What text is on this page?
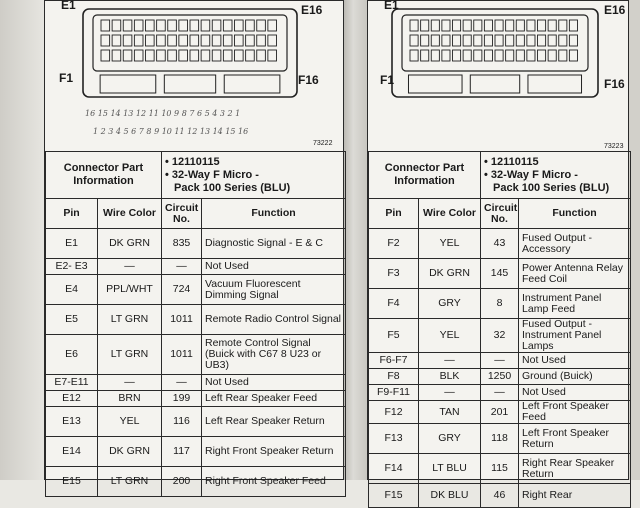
E1	E16
F1	F16
16 15 14 13 12 11 10 9 8 7 6 5 4 3 2 1
1 2 3 4 5 6 7 8 9 10 11 12 13 14 15 16
73222
Connector Part Information		• 12110115
• 32-Way F Micro -
Pack 100 Series (BLU)	

Pin	Wire Color	Circuit No.	Function
E1	DK GRN	835	Diagnostic Signal - E & C
E2- E3	—	—	Not Used
E4	PPL/WHT	724	Vacuum Fluorescent Dimming Signal
E5	LT GRN	1011	Remote Radio Control Signal
E6	LT GRN	1011	Remote Control Signal (Buick with C67 8 U23 or UB3)
E7-E11	—	—	Not Used
E12	BRN	199	Left Rear Speaker Feed
E13	YEL	116	Left Rear Speaker Return
E14	DK GRN	117	Right Front Speaker Return
E15	LT GRN	200	Right Front Speaker Feed
E1	E16
F1	F16
73223
Connector Part Information		• 12110115
• 32-Way F Micro -
Pack 100 Series (BLU)	

Pin	Wire Color	Circuit No.	Function
F2	YEL	43	Fused Output - Accessory
F3	DK GRN	145	Power Antenna Relay Feed Coil
F4	GRY	8	Instrument Panel Lamp Feed
F5	YEL	32	Fused Output - Instrument Panel Lamps
F6-F7	—	—	Not Used
F8	BLK	1250	Ground (Buick)
F9-F11	—	—	Not Used
F12	TAN	201	Left Front Speaker Feed
F13	GRY	118	Left Front Speaker Return
F14	LT BLU	115	Right Rear Speaker Return
F15	DK BLU	46	Right Rear
